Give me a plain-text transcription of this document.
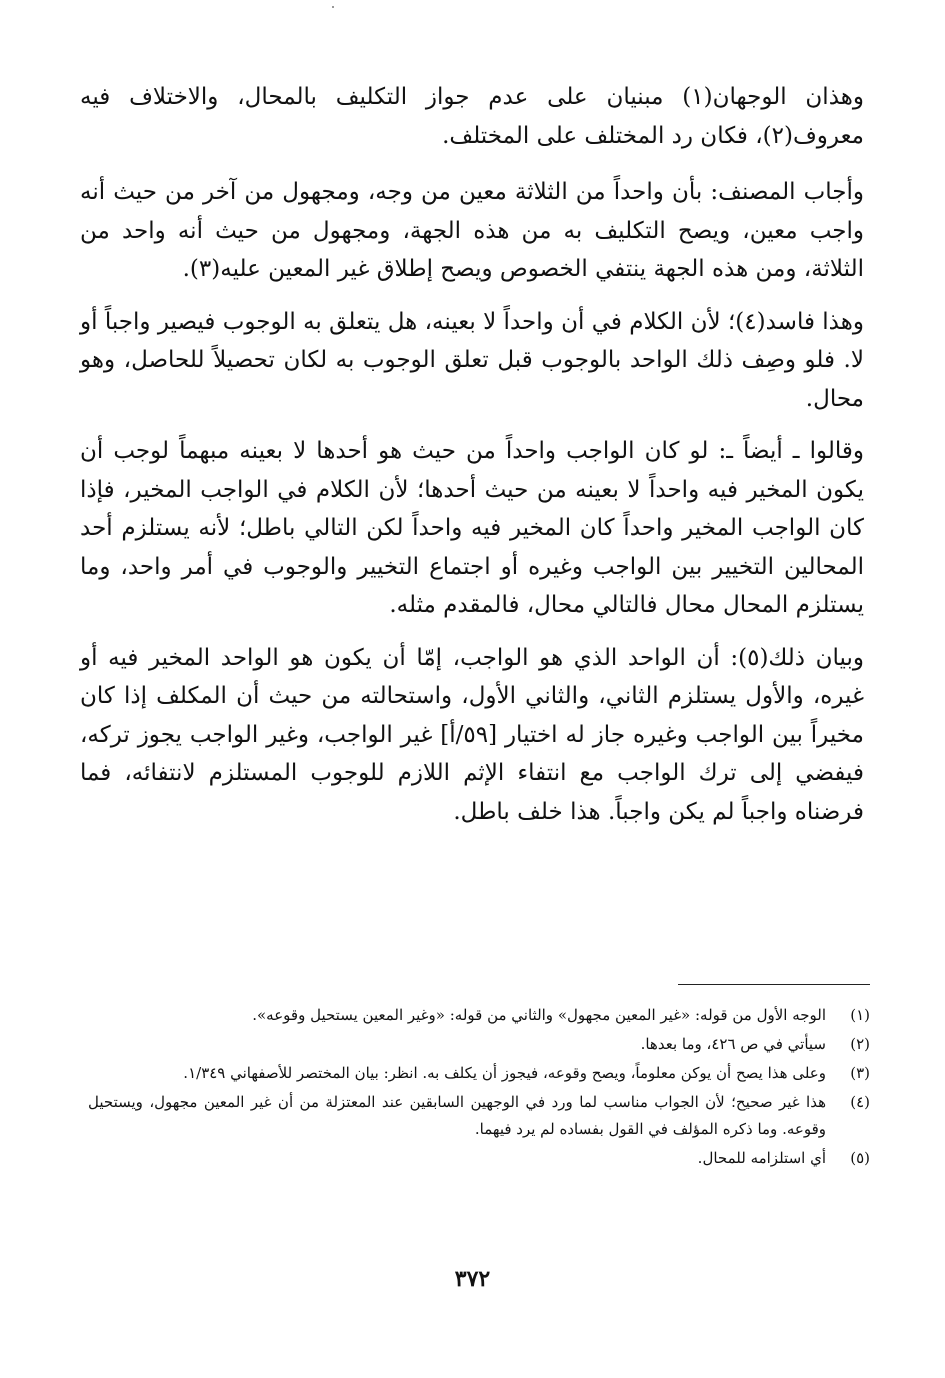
وهذان الوجهان(١) مبنيان على عدم جواز التكليف بالمحال، والاختلاف فيه معروف(٢)، فكان رد المختلف على المختلف.

وأجاب المصنف: بأن واحداً من الثلاثة معين من وجه، ومجهول من آخر من حيث أنه واجب معين، ويصح التكليف به من هذه الجهة، ومجهول من حيث أنه واحد من الثلاثة، ومن هذه الجهة ينتفي الخصوص ويصح إطلاق غير المعين عليه(٣).

وهذا فاسد(٤)؛ لأن الكلام في أن واحداً لا بعينه، هل يتعلق به الوجوب فيصير واجباً أو لا. فلو وصِف ذلك الواحد بالوجوب قبل تعلق الوجوب به لكان تحصيلاً للحاصل، وهو محال.

وقالوا ـ أيضاً ـ: لو كان الواجب واحداً من حيث هو أحدها لا بعينه مبهماً لوجب أن يكون المخير فيه واحداً لا بعينه من حيث أحدها؛ لأن الكلام في الواجب المخير، فإذا كان الواجب المخير واحداً كان المخير فيه واحداً لكن التالي باطل؛ لأنه يستلزم أحد المحالين التخيير بين الواجب وغيره أو اجتماع التخيير والوجوب في أمر واحد، وما يستلزم المحال محال فالتالي محال، فالمقدم مثله.

وبيان ذلك(٥): أن الواحد الذي هو الواجب، إمّا أن يكون هو الواحد المخير فيه أو غيره، والأول يستلزم الثاني، والثاني الأول، واستحالته من حيث أن المكلف إذا كان مخيراً بين الواجب وغيره جاز له اختيار [٥٩/أ] غير الواجب، وغير الواجب يجوز تركه، فيفضي إلى ترك الواجب مع انتفاء الإثم اللازم للوجوب المستلزم لانتفائه، فما فرضناه واجباً لم يكن واجباً. هذا خلف باطل.

(١)
الوجه الأول من قوله: «غير المعين مجهول» والثاني من قوله: «وغير المعين يستحيل وقوعه».
(٢)
سيأتي في ص ٤٢٦، وما بعدها.
(٣)
وعلى هذا يصح أن يوكن معلوماً، ويصح وقوعه، فيجوز أن يكلف به. انظر: بيان المختصر للأصفهاني ١/٣٤٩.
(٤)
هذا غير صحيح؛ لأن الجواب مناسب لما ورد في الوجهين السابقين عند المعتزلة من أن غير المعين مجهول، ويستحيل وقوعه. وما ذكره المؤلف في القول بفساده لم يرد فيهما.
(٥)
أي استلزامه للمحال.
٣٧٢
